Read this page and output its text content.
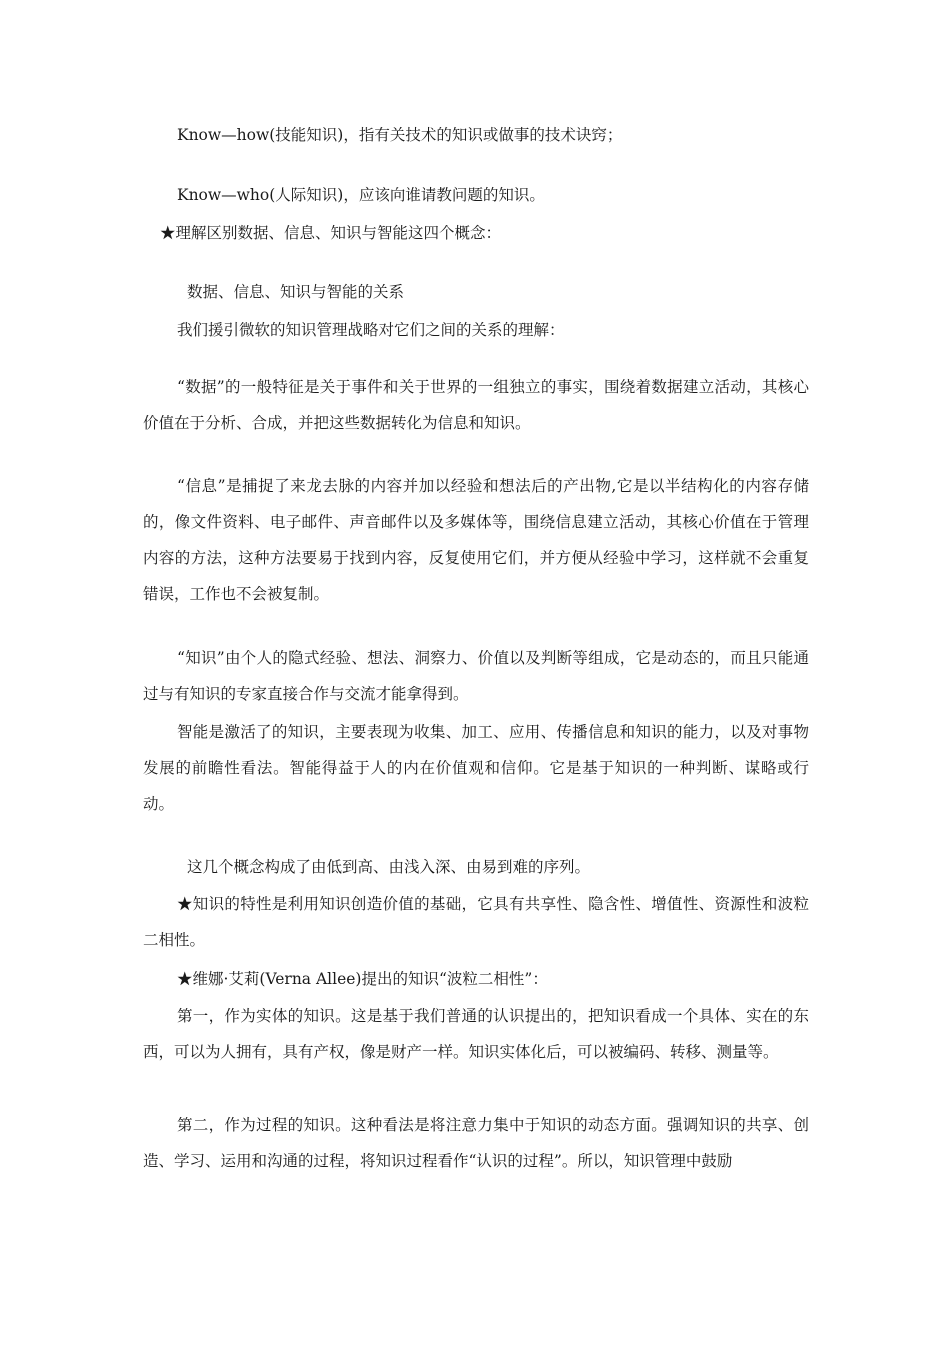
Know—how(技能知识)，指有关技术的知识或做事的技术诀窍；

Know—who(人际知识)，应该向谁请教问题的知识。

★理解区别数据、信息、知识与智能这四个概念：

数据、信息、知识与智能的关系

我们援引微软的知识管理战略对它们之间的关系的理解：

“数据”的一般特征是关于事件和关于世界的一组独立的事实，围绕着数据建立活动，其核心价值在于分析、合成，并把这些数据转化为信息和知识。

“信息”是捕捉了来龙去脉的内容并加以经验和想法后的产出物,它是以半结构化的内容存储的，像文件资料、电子邮件、声音邮件以及多媒体等，围绕信息建立活动，其核心价值在于管理内容的方法，这种方法要易于找到内容，反复使用它们，并方便从经验中学习，这样就不会重复错误，工作也不会被复制。

“知识”由个人的隐式经验、想法、洞察力、价值以及判断等组成，它是动态的，而且只能通过与有知识的专家直接合作与交流才能拿得到。

智能是激活了的知识，主要表现为收集、加工、应用、传播信息和知识的能力，以及对事物发展的前瞻性看法。智能得益于人的内在价值观和信仰。它是基于知识的一种判断、谋略或行动。

这几个概念构成了由低到高、由浅入深、由易到难的序列。

★知识的特性是利用知识创造价值的基础，它具有共享性、隐含性、增值性、资源性和波粒二相性。

★维娜·艾莉(Verna Allee)提出的知识“波粒二相性”：

第一，作为实体的知识。这是基于我们普通的认识提出的，把知识看成一个具体、实在的东西，可以为人拥有，具有产权，像是财产一样。知识实体化后，可以被编码、转移、测量等。

第二，作为过程的知识。这种看法是将注意力集中于知识的动态方面。强调知识的共享、创造、学习、运用和沟通的过程，将知识过程看作“认识的过程”。所以，知识管理中鼓励
